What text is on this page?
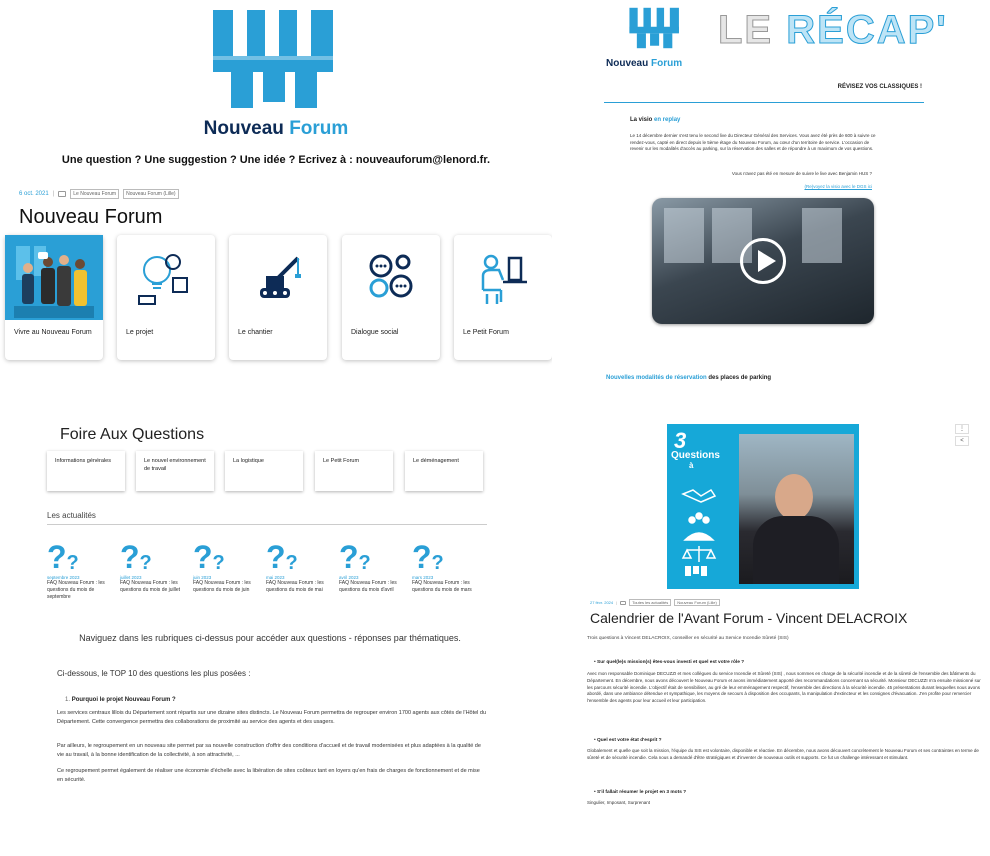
Nouveau Forum
Une question ? Une suggestion ? Une idée ? Ecrivez à : nouveauforum@lenord.fr.
6 oct. 2021 |	Le Nouveau Forum	Nouveau Forum (Lille)
Nouveau Forum
Vivre au Nouveau Forum	Le projet	Le chantier	Dialogue social	Le Petit Forum
Nouveau Forum
LE RÉCAP'
RÉVISEZ VOS CLASSIQUES !
La visio en replay
Le 14 décembre dernier s'est tenu le second live du Directeur Général des Services. Vous avez été près de 600 à suivre ce rendez-vous, capté en direct depuis le 5ème étage du Nouveau Forum, au cœur d'un territoire de service. L'occasion de revenir sur les modalités d'accès au parking, sur la réservation des salles et de répondre à un maximum de vos questions.
Vous n'avez pas été en mesure de suivre le live avec Benjamin HUS ?
(Re)voyez la visio avec le DGS ici
Nouvelles modalités de réservation des places de parking
Foire Aux Questions
Informations générales	Le nouvel environnement de travail
La logistique	Le Petit Forum	Le déménagement
Les actualités
? ?
septembre 2023
FAQ Nouveau Forum : les questions du mois de septembre
? ?
juillet 2023
FAQ Nouveau Forum : les questions du mois de juillet
? ?
juin 2023
FAQ Nouveau Forum : les questions du mois de juin
? ?
mai 2023
FAQ Nouveau Forum : les questions du mois de mai
? ?
avril 2023
FAQ Nouveau Forum : les questions du mois d'avril
? ?
mars 2023
FAQ Nouveau Forum : les questions du mois de mars
Naviguez dans les rubriques ci-dessus pour accéder aux questions - réponses par thématiques.
Ci-dessous, le TOP 10 des questions les plus posées :
1. Pourquoi le projet Nouveau Forum ?
Les services centraux lillois du Département sont répartis sur une dizaine sites distincts. Le Nouveau Forum permettra de regrouper environ 1700 agents aux côtés de l'Hôtel du Département. Cette convergence permettra des collaborations de proximité au service des agents et des usagers.
Par ailleurs, le regroupement en un nouveau site permet par sa nouvelle construction d'offrir des conditions d'accueil et de travail modernisées et plus adaptées à la qualité de vie au travail, à la bonne identification de la collectivité, à son attractivité, ...
Ce regroupement permet également de réaliser une économie d'échelle avec la libération de sites coûteux tant en loyers qu'en frais de charges de fonctionnement et de mise en sécurité.
3
Questions
à
⋮
<
27 févr. 2024 |	Toutes les actualités	Nouveau Forum (Lille)
Calendrier de l'Avant Forum - Vincent DELACROIX
Trois questions à Vincent DELACROIX, conseiller en sécurité au Service Incendie Sûreté (SIS)
• Sur quel(le)s mission(s) êtes-vous investi et quel est votre rôle ?
Avec mon responsable Dominique DECUZZI et mes collègues du service Incendie et Sûreté (SIS) , nous sommes en charge de la sécurité incendie et de la sûreté de l'ensemble des bâtiments du Département. En décembre, nous avons découvert le Nouveau Forum et avons immédiatement apporté des recommandations concernant sa sécurité. Monsieur DECUZZI m'a ensuite missionné sur les parcours sécurité incendie. L'objectif était de sensibiliser, au gré de leur emménagement respectif, l'ensemble des directions à la sécurité incendie. 45 présentations durant lesquelles nous avons abordé, dans une ambiance détendue et sympathique, les moyens de secours à disposition des occupants, la manipulation d'extincteur et les consignes d'évacuation. J'en profite pour remercier l'ensemble des agents pour leur accueil et leur participation.
• Quel est votre état d'esprit ?
Globalement et quelle que soit la mission, l'équipe du SIS est volontaire, disponible et réactive. En décembre, nous avons découvert concrètement le Nouveau Forum et ses contraintes en terme de sûreté et de sécurité incendie. Cela nous a demandé d'être stratégiques et d'inventer de nouveaux outils et supports. Ce fut un challenge intéressant et stimulant.
• S'il fallait résumer le projet en 3 mots ?
Singulier, Imposant, Surprenant
